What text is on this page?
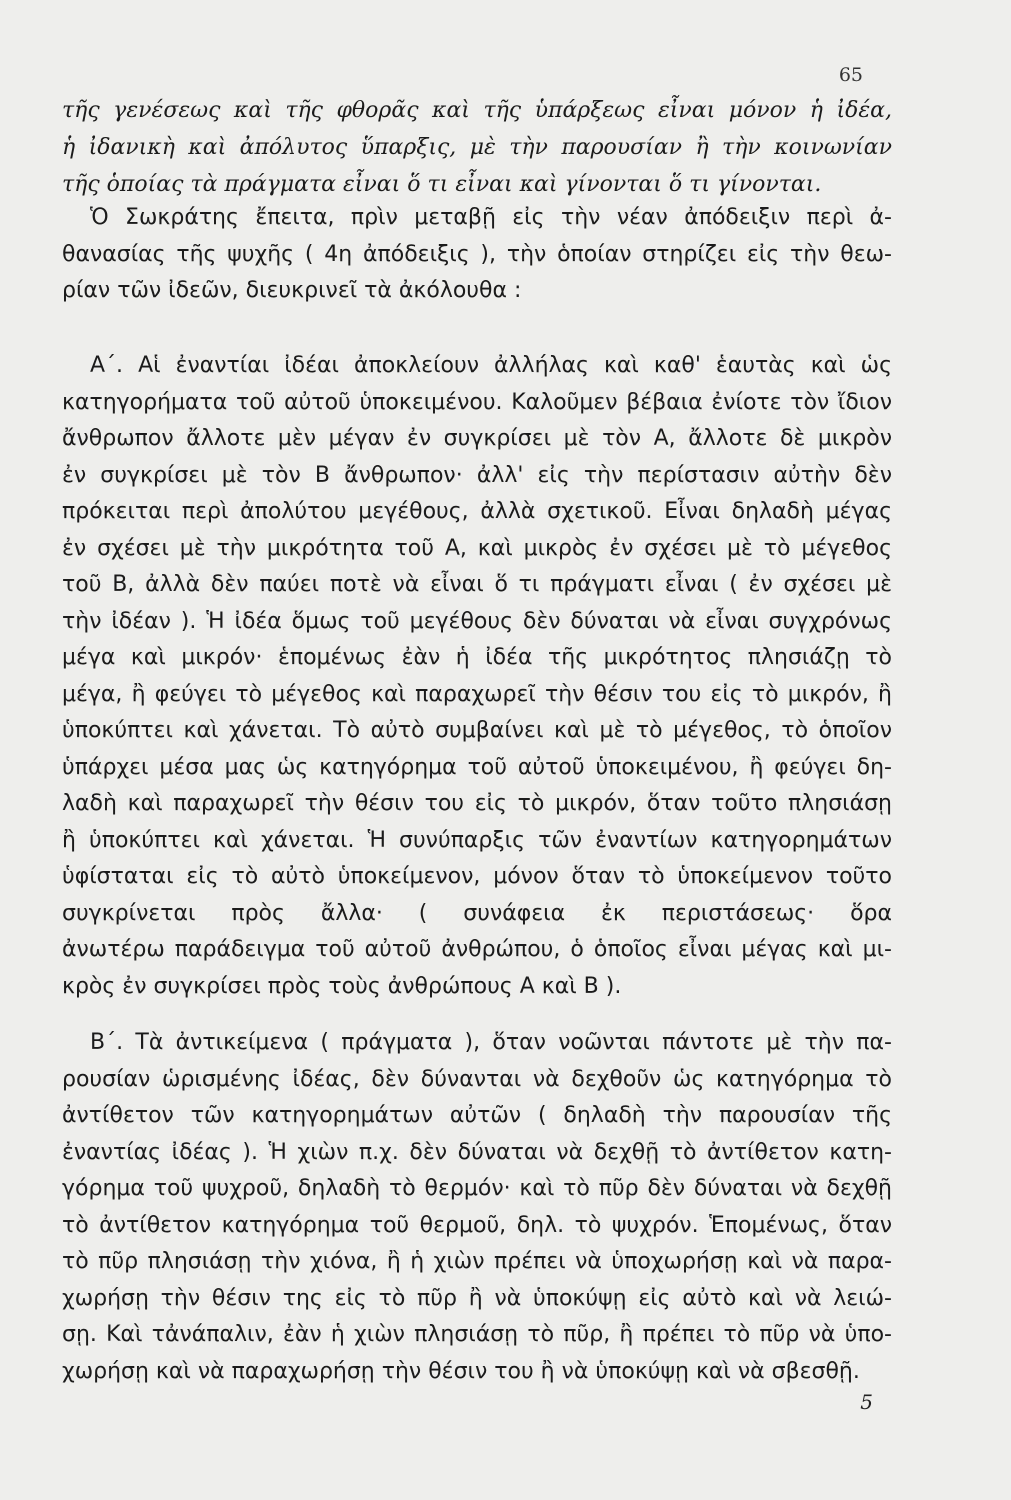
65
τῆς γενέσεως καὶ τῆς φθορᾶς καὶ τῆς ὑπάρξεως εἶναι μόνον ἡ ἰδέα,
ἡ ἰδανικὴ καὶ ἀπόλυτος ὕπαρξις, μὲ τὴν παρουσίαν ἢ τὴν κοινωνίαν
τῆς ὁποίας τὰ πράγματα εἶναι ὅ τι εἶναι καὶ γίνονται ὅ τι γίνονται.
Ὁ Σωκράτης ἔπειτα, πρὶν μεταβῇ εἰς τὴν νέαν ἀπόδειξιν περὶ ἀ-
θανασίας τῆς ψυχῆς ( 4η ἀπόδειξις ), τὴν ὁποίαν στηρίζει εἰς τὴν θεω-
ρίαν τῶν ἰδεῶν, διευκρινεῖ τὰ ἀκόλουθα :
Α΄. Αἱ ἐναντίαι ἰδέαι ἀποκλείουν ἀλλήλας καὶ καθ' ἑαυτὰς καὶ ὡς
κατηγορήματα τοῦ αὐτοῦ ὑποκειμένου. Καλοῦμεν βέβαια ἐνίοτε τὸν ἴδιον
ἄνθρωπον ἄλλοτε μὲν μέγαν ἐν συγκρίσει μὲ τὸν Α, ἄλλοτε δὲ μικρὸν
ἐν συγκρίσει μὲ τὸν Β ἄνθρωπον· ἀλλ' εἰς τὴν περίστασιν αὐτὴν δὲν
πρόκειται περὶ ἀπολύτου μεγέθους, ἀλλὰ σχετικοῦ. Εἶναι δηλαδὴ μέγας
ἐν σχέσει μὲ τὴν μικρότητα τοῦ Α, καὶ μικρὸς ἐν σχέσει μὲ τὸ μέγεθος
τοῦ Β, ἀλλὰ δὲν παύει ποτὲ νὰ εἶναι ὅ τι πράγματι εἶναι ( ἐν σχέσει μὲ
τὴν ἰδέαν ). Ἡ ἰδέα ὅμως τοῦ μεγέθους δὲν δύναται νὰ εἶναι συγχρόνως
μέγα καὶ μικρόν· ἑπομένως ἐὰν ἡ ἰδέα τῆς μικρότητος πλησιάζῃ τὸ
μέγα, ἢ φεύγει τὸ μέγεθος καὶ παραχωρεῖ τὴν θέσιν του εἰς τὸ μικρόν, ἢ
ὑποκύπτει καὶ χάνεται. Τὸ αὐτὸ συμβαίνει καὶ μὲ τὸ μέγεθος, τὸ ὁποῖον
ὑπάρχει μέσα μας ὡς κατηγόρημα τοῦ αὐτοῦ ὑποκειμένου, ἢ φεύγει δη-
λαδὴ καὶ παραχωρεῖ τὴν θέσιν του εἰς τὸ μικρόν, ὅταν τοῦτο πλησιάσῃ
ἢ ὑποκύπτει καὶ χάνεται. Ἡ συνύπαρξις τῶν ἐναντίων κατηγορημάτων
ὑφίσταται εἰς τὸ αὐτὸ ὑποκείμενον, μόνον ὅταν τὸ ὑποκείμενον τοῦτο
συγκρίνεται πρὸς ἄλλα· ( συνάφεια ἐκ περιστάσεως· ὅρα
ἀνωτέρω παράδειγμα τοῦ αὐτοῦ ἀνθρώπου, ὁ ὁποῖος εἶναι μέγας καὶ μι-
κρὸς ἐν συγκρίσει πρὸς τοὺς ἀνθρώπους Α καὶ Β ).
Β΄. Τὰ ἀντικείμενα ( πράγματα ), ὅταν νοῶνται πάντοτε μὲ τὴν πα-
ρουσίαν ὡρισμένης ἰδέας, δὲν δύνανται νὰ δεχθοῦν ὡς κατηγόρημα τὸ
ἀντίθετον τῶν κατηγορημάτων αὐτῶν ( δηλαδὴ τὴν παρουσίαν τῆς
ἐναντίας ἰδέας ). Ἡ χιὼν π.χ. δὲν δύναται νὰ δεχθῇ τὸ ἀντίθετον κατη-
γόρημα τοῦ ψυχροῦ, δηλαδὴ τὸ θερμόν· καὶ τὸ πῦρ δὲν δύναται νὰ δεχθῇ
τὸ ἀντίθετον κατηγόρημα τοῦ θερμοῦ, δηλ. τὸ ψυχρόν. Ἑπομένως, ὅταν
τὸ πῦρ πλησιάσῃ τὴν χιόνα, ἢ ἡ χιὼν πρέπει νὰ ὑποχωρήσῃ καὶ νὰ παρα-
χωρήσῃ τὴν θέσιν της εἰς τὸ πῦρ ἢ νὰ ὑποκύψῃ εἰς αὐτὸ καὶ νὰ λειώ-
σῃ. Καὶ τἀνάπαλιν, ἐὰν ἡ χιὼν πλησιάσῃ τὸ πῦρ, ἢ πρέπει τὸ πῦρ νὰ ὑπο-
χωρήσῃ καὶ νὰ παραχωρήσῃ τὴν θέσιν του ἢ νὰ ὑποκύψῃ καὶ νὰ σβεσθῇ.
5
